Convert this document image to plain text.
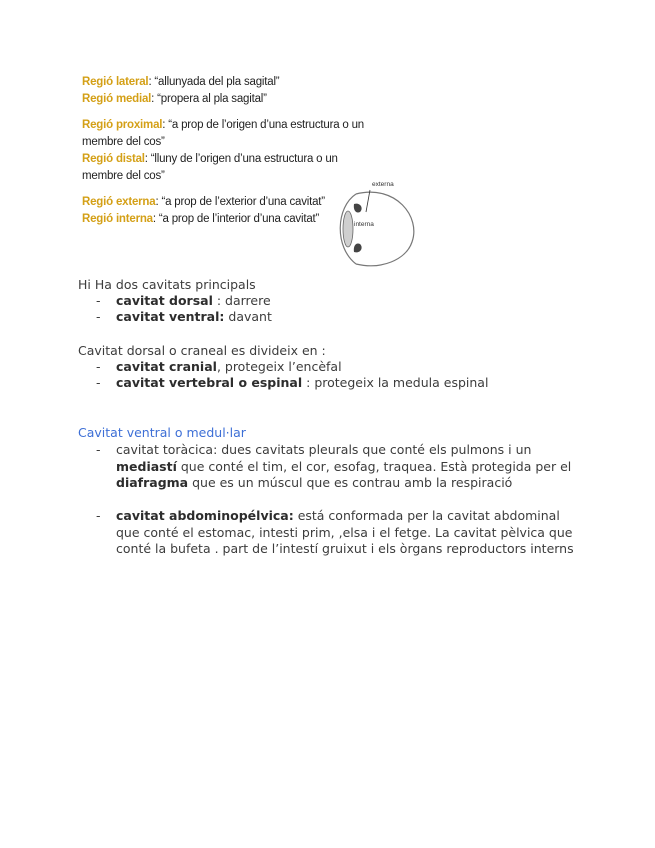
Regió lateral: “allunyada del pla sagital”
Regió medial: “propera al pla sagital”
Regió proximal: “a prop de l’origen d’una estructura o un
membre del cos”
Regió distal: “lluny de l’origen d’una estructura o un
membre del cos”
Regió externa: “a prop de l’exterior d’una cavitat”
Regió interna: “a prop de l’interior d’una cavitat”
externa
interna
Hi Ha dos cavitats principals
- cavitat dorsal : darrere
- cavitat ventral: davant
Cavitat dorsal o craneal es divideix en :
- cavitat cranial, protegeix l’encèfal
- cavitat vertebral o espinal : protegeix la medula espinal
Cavitat ventral o medul·lar
- cavitat toràcica: dues cavitats pleurals que conté els pulmons i un mediastí que conté el tim, el cor, esofag, traquea. Està protegida per el diafragma que es un múscul que es contrau amb la respiració
- cavitat abdominopélvica: está conformada per la cavitat abdominal que conté el estomac, intesti prim, ,elsa i el fetge. La cavitat pèlvica que conté la bufeta . part de l’intestí gruixut i els òrgans reproductors interns
